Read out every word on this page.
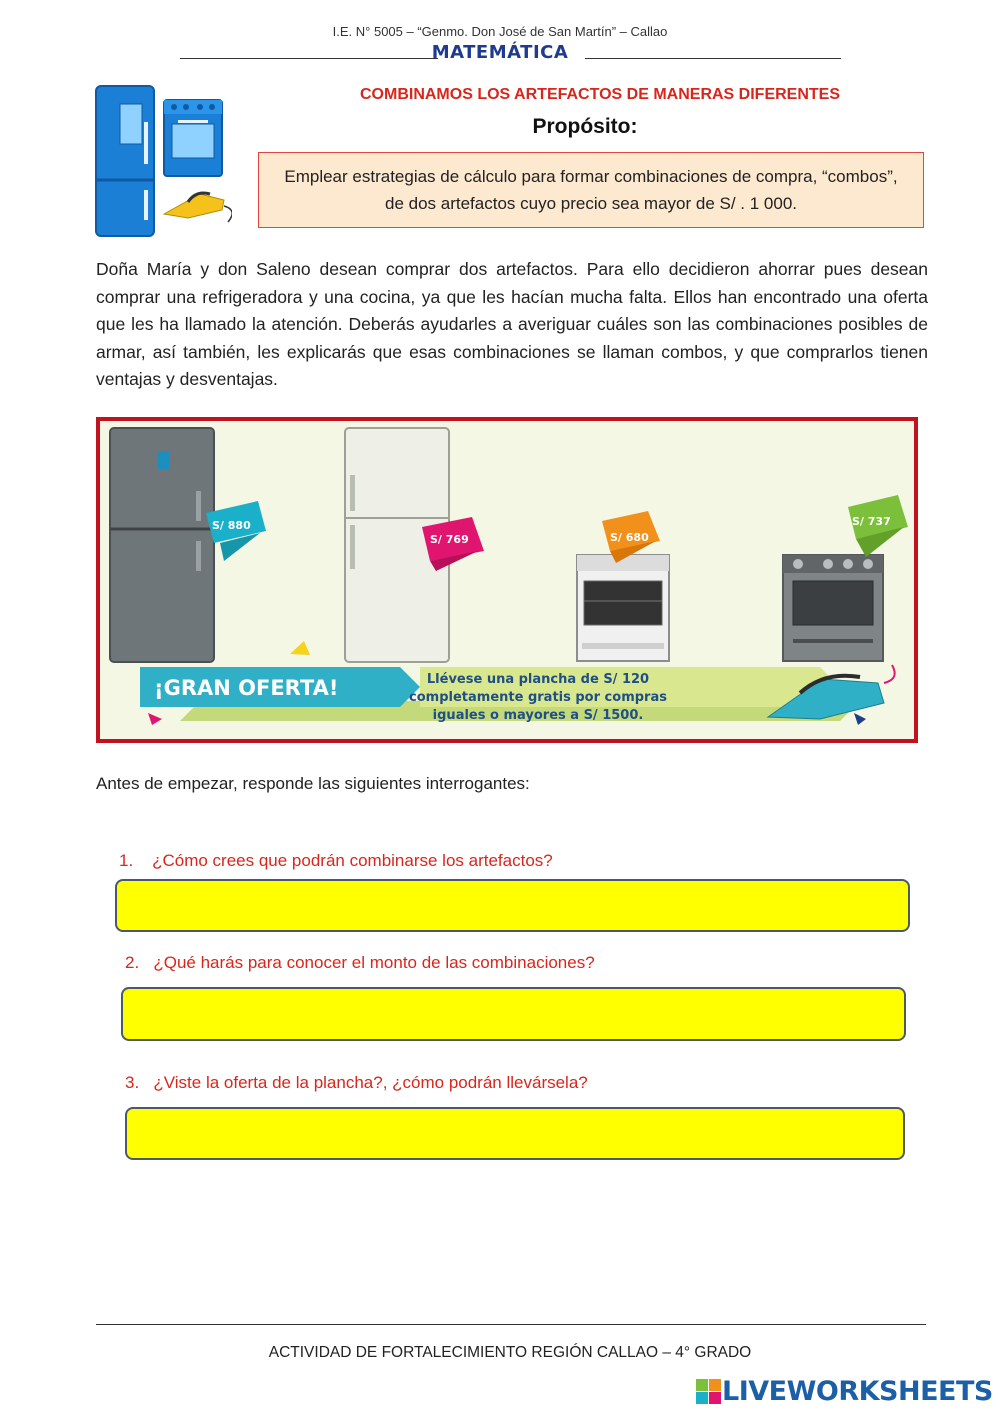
I.E. N° 5005 – “Genmo. Don José de San Martín” – Callao
MATEMÁTICA
COMBINAMOS LOS ARTEFACTOS DE MANERAS DIFERENTES
Propósito:
Emplear estrategias de cálculo para formar combinaciones de compra, “combos”, de dos artefactos cuyo precio sea mayor de S/ . 1 000.
Doña María y don Saleno desean comprar dos artefactos. Para ello decidieron ahorrar pues desean comprar una refrigeradora y una cocina, ya que les hacían mucha falta. Ellos han encontrado una oferta que les ha llamado la atención. Deberás ayudarles a averiguar cuáles son las combinaciones posibles de armar, así también, les explicarás que esas combinaciones se llaman combos, y que comprarlos tienen ventajas y desventajas.
S/ 880
S/ 769	S/ 680
S/ 737
¡GRAN OFERTA!	Llévese una plancha de S/ 120
completamente gratis por compras
iguales o mayores a S/ 1500.
Antes de empezar, responde las siguientes interrogantes:
1. ¿Cómo crees que podrán combinarse los artefactos?
2. ¿Qué harás para conocer el monto de las combinaciones?
3. ¿Viste la oferta de la plancha?, ¿cómo podrán llevársela?
ACTIVIDAD DE FORTALECIMIENTO REGIÓN CALLAO – 4° GRADO
LIVEWORKSHEETS
